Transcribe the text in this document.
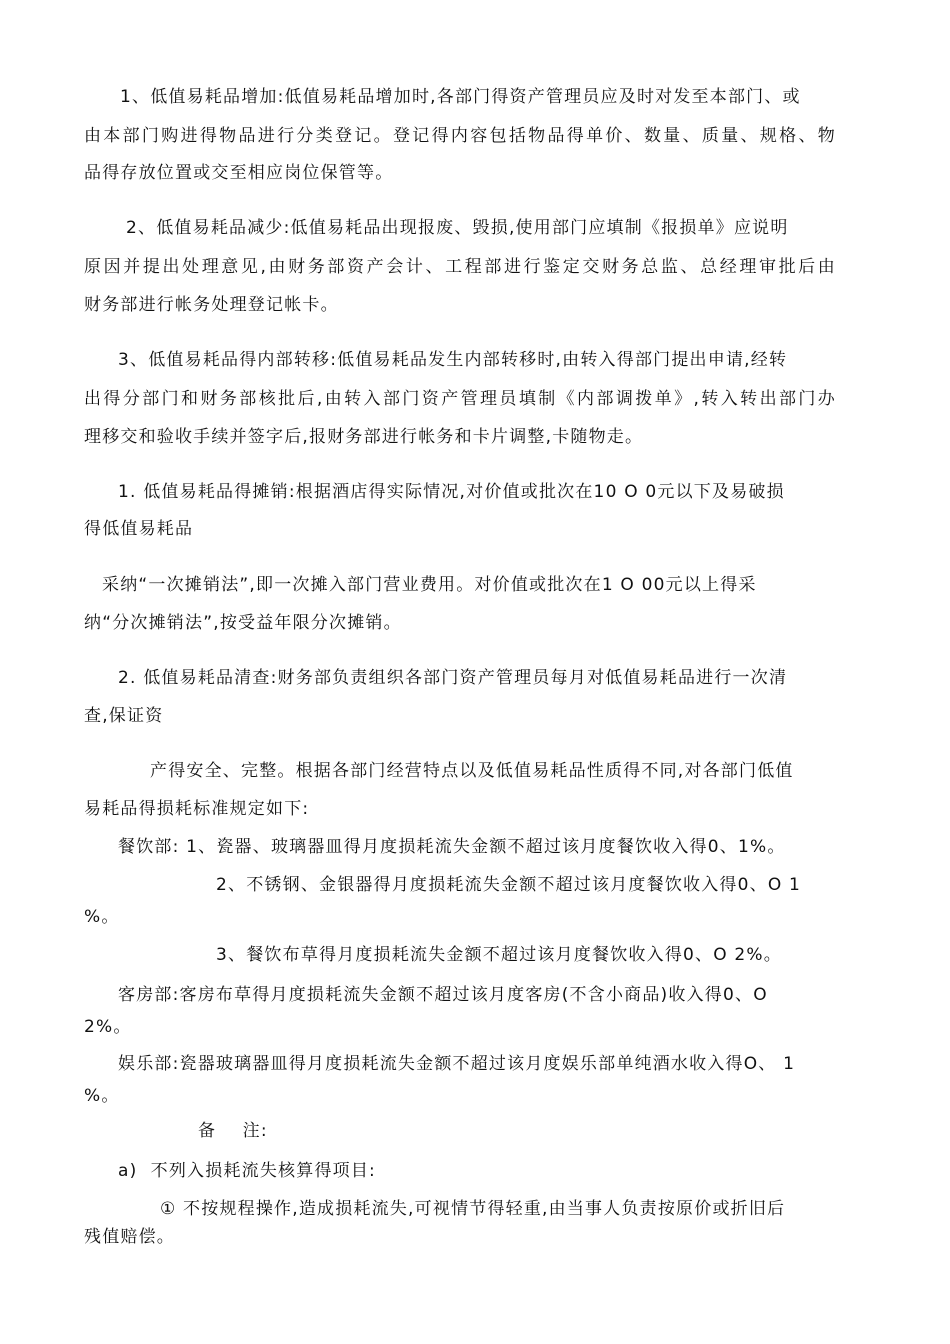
1、低值易耗品增加:低值易耗品增加时,各部门得资产管理员应及时对发至本部门、或

由本部门购进得物品进行分类登记。登记得内容包括物品得单价、数量、质量、规格、物

品得存放位置或交至相应岗位保管等。

2、低值易耗品减少:低值易耗品出现报废、毁损,使用部门应填制《报损单》应说明

原因并提出处理意见,由财务部资产会计、工程部进行鉴定交财务总监、总经理审批后由

财务部进行帐务处理登记帐卡。

3、低值易耗品得内部转移:低值易耗品发生内部转移时,由转入得部门提出申请,经转

出得分部门和财务部核批后,由转入部门资产管理员填制《内部调拨单》,转入转出部门办

理移交和验收手续并签字后,报财务部进行帐务和卡片调整,卡随物走。

1. 低值易耗品得摊销:根据酒店得实际情况,对价值或批次在10 O 0元以下及易破损

得低值易耗品

采纳“一次摊销法”,即一次摊入部门营业费用。对价值或批次在1 O 00元以上得采

纳“分次摊销法”,按受益年限分次摊销。

2. 低值易耗品清查:财务部负责组织各部门资产管理员每月对低值易耗品进行一次清

查,保证资

产得安全、完整。根据各部门经营特点以及低值易耗品性质得不同,对各部门低值

易耗品得损耗标准规定如下:

餐饮部: 1、瓷器、玻璃器皿得月度损耗流失金额不超过该月度餐饮收入得0、1%。

2、不锈钢、金银器得月度损耗流失金额不超过该月度餐饮收入得0、O 1

%。

3、餐饮布草得月度损耗流失金额不超过该月度餐饮收入得0、O 2%。

客房部:客房布草得月度损耗流失金额不超过该月度客房(不含小商品)收入得0、O

2%。

娱乐部:瓷器玻璃器皿得月度损耗流失金额不超过该月度娱乐部单纯酒水收入得O、 1

%。

备    注:

a)  不列入损耗流失核算得项目:

① 不按规程操作,造成损耗流失,可视情节得轻重,由当事人负责按原价或折旧后

残值赔偿。
